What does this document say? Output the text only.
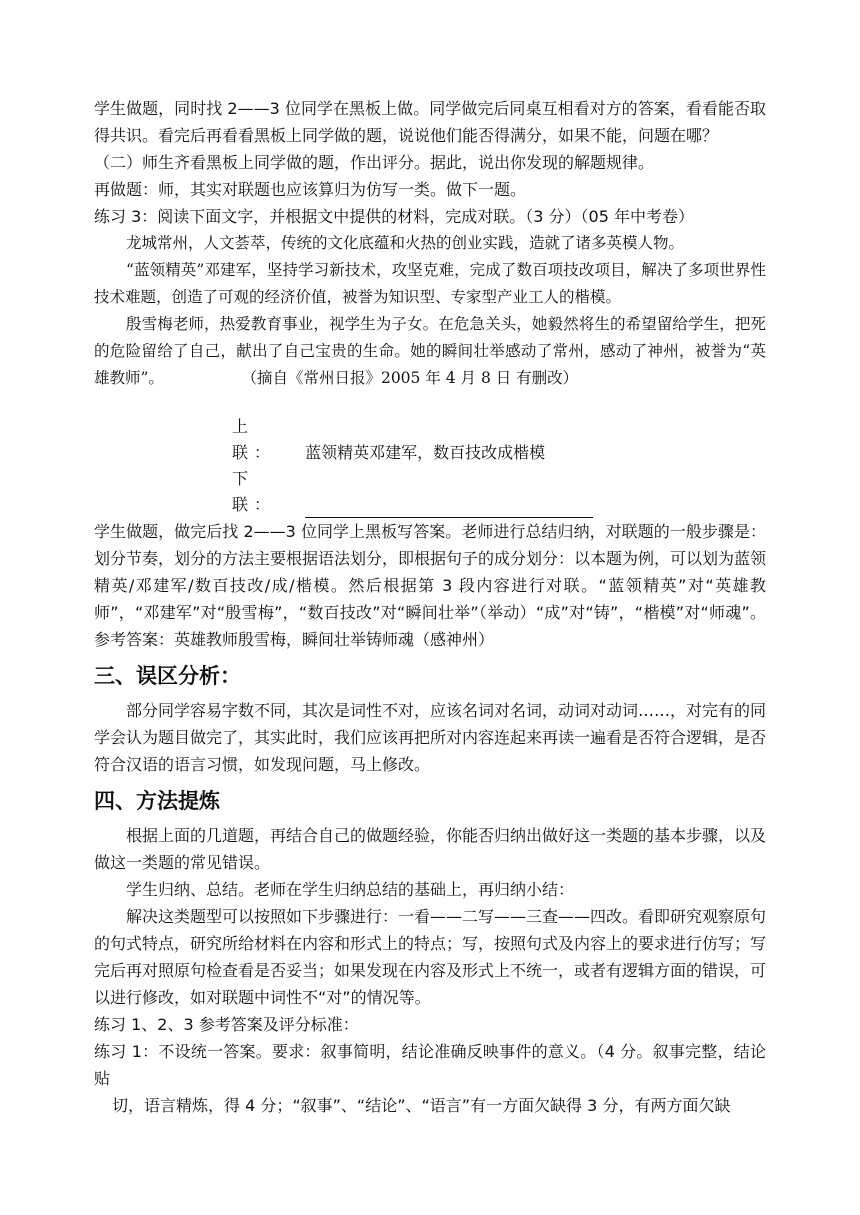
学生做题，同时找 2——3 位同学在黑板上做。同学做完后同桌互相看对方的答案，看看能否取得共识。看完后再看看黑板上同学做的题，说说他们能否得满分，如果不能，问题在哪？

（二）师生齐看黑板上同学做的题，作出评分。据此，说出你发现的解题规律。

再做题：师，其实对联题也应该算归为仿写一类。做下一题。

练习 3：阅读下面文字，并根据文中提供的材料，完成对联。（3 分）（05 年中考卷）

龙城常州，人文荟萃，传统的文化底蕴和火热的创业实践，造就了诸多英模人物。

“蓝领精英”邓建军，坚持学习新技术，攻坚克难，完成了数百项技改项目，解决了多项世界性技术难题，创造了可观的经济价值，被誉为知识型、专家型产业工人的楷模。

殷雪梅老师，热爱教育事业，视学生为子女。在危急关头，她毅然将生的希望留给学生，把死的危险留给了自己，献出了自己宝贵的生命。她的瞬间壮举感动了常州，感动了神州，被誉为“英雄教师”。　　　　　　	（摘自《常州日报》2005 年 4 月 8 日 有删改）

上　联： 蓝领精英邓建军，数百技改成楷模
下　联：

学生做题，做完后找 2——3 位同学上黑板写答案。老师进行总结归纳，对联题的一般步骤是：划分节奏，划分的方法主要根据语法划分，即根据句子的成分划分：以本题为例，可以划为蓝领精英/邓建军/数百技改/成/楷模。然后根据第 3 段内容进行对联。“蓝领精英”对“英雄教师”，“邓建军”对“殷雪梅”，“数百技改”对“瞬间壮举”（举动）“成”对“铸”，“楷模”对“师魂”。参考答案：英雄教师殷雪梅，瞬间壮举铸师魂（感神州）

三、误区分析：

部分同学容易字数不同，其次是词性不对，应该名词对名词，动词对动词……，对完有的同学会认为题目做完了，其实此时，我们应该再把所对内容连起来再读一遍看是否符合逻辑，是否符合汉语的语言习惯，如发现问题，马上修改。

四、方法提炼

根据上面的几道题，再结合自己的做题经验，你能否归纳出做好这一类题的基本步骤，以及做这一类题的常见错误。

学生归纳、总结。老师在学生归纳总结的基础上，再归纳小结：

解决这类题型可以按照如下步骤进行：一看——二写——三查——四改。看即研究观察原句的句式特点，研究所给材料在内容和形式上的特点；写，按照句式及内容上的要求进行仿写；写完后再对照原句检查看是否妥当；如果发现在内容及形式上不统一，或者有逻辑方面的错误，可以进行修改，如对联题中词性不“对”的情况等。

练习 1、2、3 参考答案及评分标准：

练习 1：不设统一答案。要求：叙事简明，结论准确反映事件的意义。（4 分。叙事完整，结论贴

切，语言精炼，得 4 分；“叙事”、“结论”、“语言”有一方面欠缺得 3 分，有两方面欠缺
